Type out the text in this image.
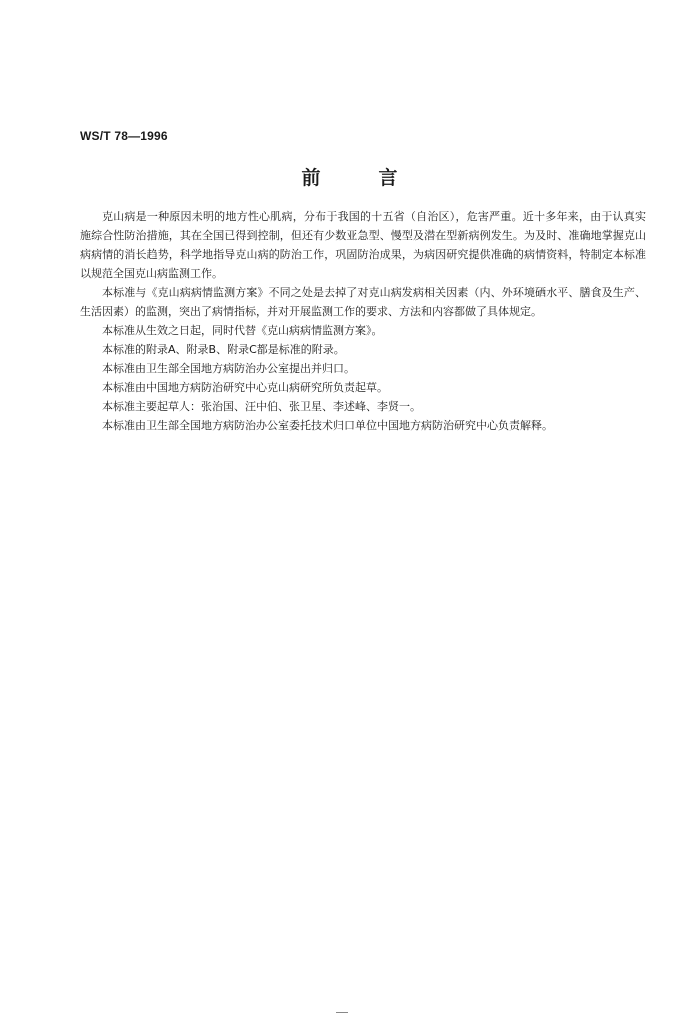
WS/T 78—1996
前言

克山病是一种原因未明的地方性心肌病，分布于我国的十五省（自治区），危害严重。近十多年来，由于认真实施综合性防治措施，其在全国已得到控制，但还有少数亚急型、慢型及潜在型新病例发生。为及时、准确地掌握克山病病情的消长趋势，科学地指导克山病的防治工作，巩固防治成果，为病因研究提供准确的病情资料，特制定本标准以规范全国克山病监测工作。

本标准与《克山病病情监测方案》不同之处是去掉了对克山病发病相关因素（内、外环境硒水平、膳食及生产、生活因素）的监测，突出了病情指标，并对开展监测工作的要求、方法和内容都做了具体规定。

本标准从生效之日起，同时代替《克山病病情监测方案》。

本标准的附录A、附录B、附录C都是标准的附录。

本标准由卫生部全国地方病防治办公室提出并归口。

本标准由中国地方病防治研究中心克山病研究所负责起草。

本标准主要起草人：张治国、汪中伯、张卫星、李述峰、李贤一。

本标准由卫生部全国地方病防治办公室委托技术归口单位中国地方病防治研究中心负责解释。
